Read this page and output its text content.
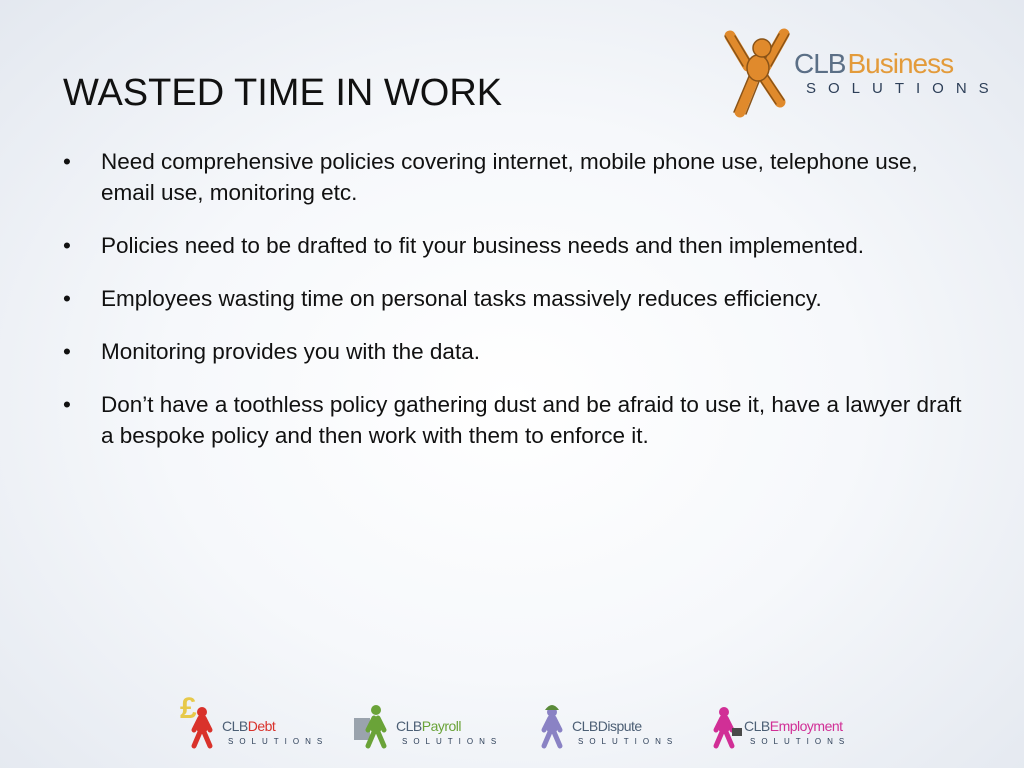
WASTED TIME IN WORK
• Need comprehensive policies covering internet, mobile phone use, telephone use, email use, monitoring etc.
• Policies need to be drafted to fit your business needs and then implemented.
• Employees wasting time on personal tasks massively reduces efficiency.
• Monitoring provides you with the data.
• Don’t have a toothless policy gathering dust and be afraid to use it, have a lawyer draft a bespoke policy and then work with them to enforce it.
CLBBusiness
SOLUTIONS
£
CLBDebt
SOLUTIONS
CLBPayroll
SOLUTIONS
CLBDispute
SOLUTIONS
CLBEmployment
SOLUTIONS
